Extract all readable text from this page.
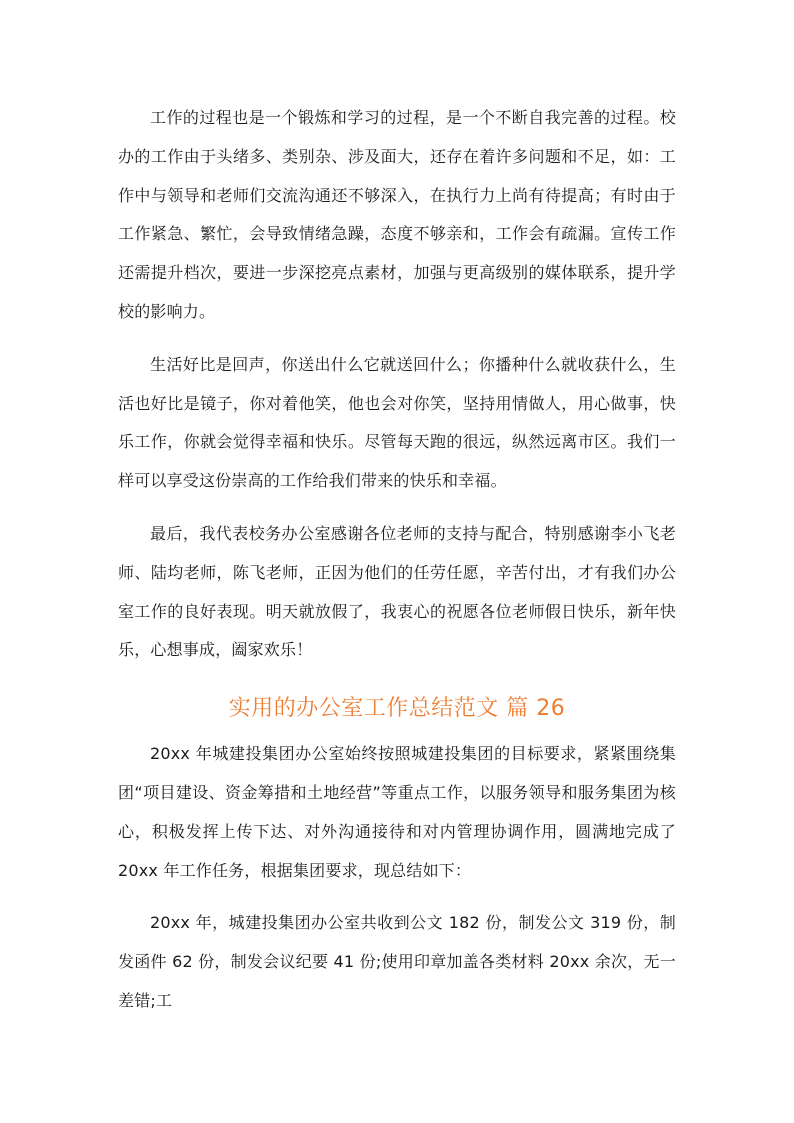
工作的过程也是一个锻炼和学习的过程，是一个不断自我完善的过程。校办的工作由于头绪多、类别杂、涉及面大，还存在着许多问题和不足，如：工作中与领导和老师们交流沟通还不够深入，在执行力上尚有待提高；有时由于工作紧急、繁忙，会导致情绪急躁，态度不够亲和，工作会有疏漏。宣传工作还需提升档次，要进一步深挖亮点素材，加强与更高级别的媒体联系，提升学校的影响力。

生活好比是回声，你送出什么它就送回什么；你播种什么就收获什么，生活也好比是镜子，你对着他笑，他也会对你笑，坚持用情做人，用心做事，快乐工作，你就会觉得幸福和快乐。尽管每天跑的很远，纵然远离市区。我们一样可以享受这份崇高的工作给我们带来的快乐和幸福。

最后，我代表校务办公室感谢各位老师的支持与配合，特别感谢李小飞老师、陆均老师，陈飞老师，正因为他们的任劳任愿，辛苦付出，才有我们办公室工作的良好表现。明天就放假了，我衷心的祝愿各位老师假日快乐，新年快乐，心想事成，阖家欢乐！

实用的办公室工作总结范文 篇 26

20xx 年城建投集团办公室始终按照城建投集团的目标要求，紧紧围绕集团“项目建设、资金筹措和土地经营”等重点工作，以服务领导和服务集团为核心，积极发挥上传下达、对外沟通接待和对内管理协调作用，圆满地完成了 20xx 年工作任务，根据集团要求，现总结如下：

20xx 年，城建投集团办公室共收到公文 182 份，制发公文 319 份，制发函件 62 份，制发会议纪要 41 份;使用印章加盖各类材料 20xx 余次，无一差错;工
